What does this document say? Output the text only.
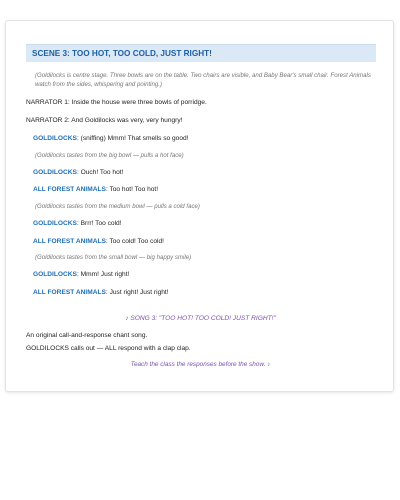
SCENE 3: TOO HOT, TOO COLD, JUST RIGHT!
(Goldilocks is centre stage. Three bowls are on the table. Two chairs are visible, and Baby Bear's small chair. Forest Animals watch from the sides, whispering and pointing.)
NARRATOR 1: Inside the house were three bowls of porridge.
NARRATOR 2: And Goldilocks was very, very hungry!
GOLDILOCKS: (sniffing) Mmm! That smells so good!
(Goldilocks tastes from the big bowl — pulls a hot face)
GOLDILOCKS: Ouch! Too hot!
ALL FOREST ANIMALS: Too hot! Too hot!
(Goldilocks tastes from the medium bowl — pulls a cold face)
GOLDILOCKS: Brrr! Too cold!
ALL FOREST ANIMALS: Too cold! Too cold!
(Goldilocks tastes from the small bowl — big happy smile)
GOLDILOCKS: Mmm! Just right!
ALL FOREST ANIMALS: Just right! Just right!
♪ SONG 3: "TOO HOT! TOO COLD! JUST RIGHT!"
An original call-and-response chant song.
GOLDILOCKS calls out — ALL respond with a clap clap.
Teach the class the responses before the show. ♪
